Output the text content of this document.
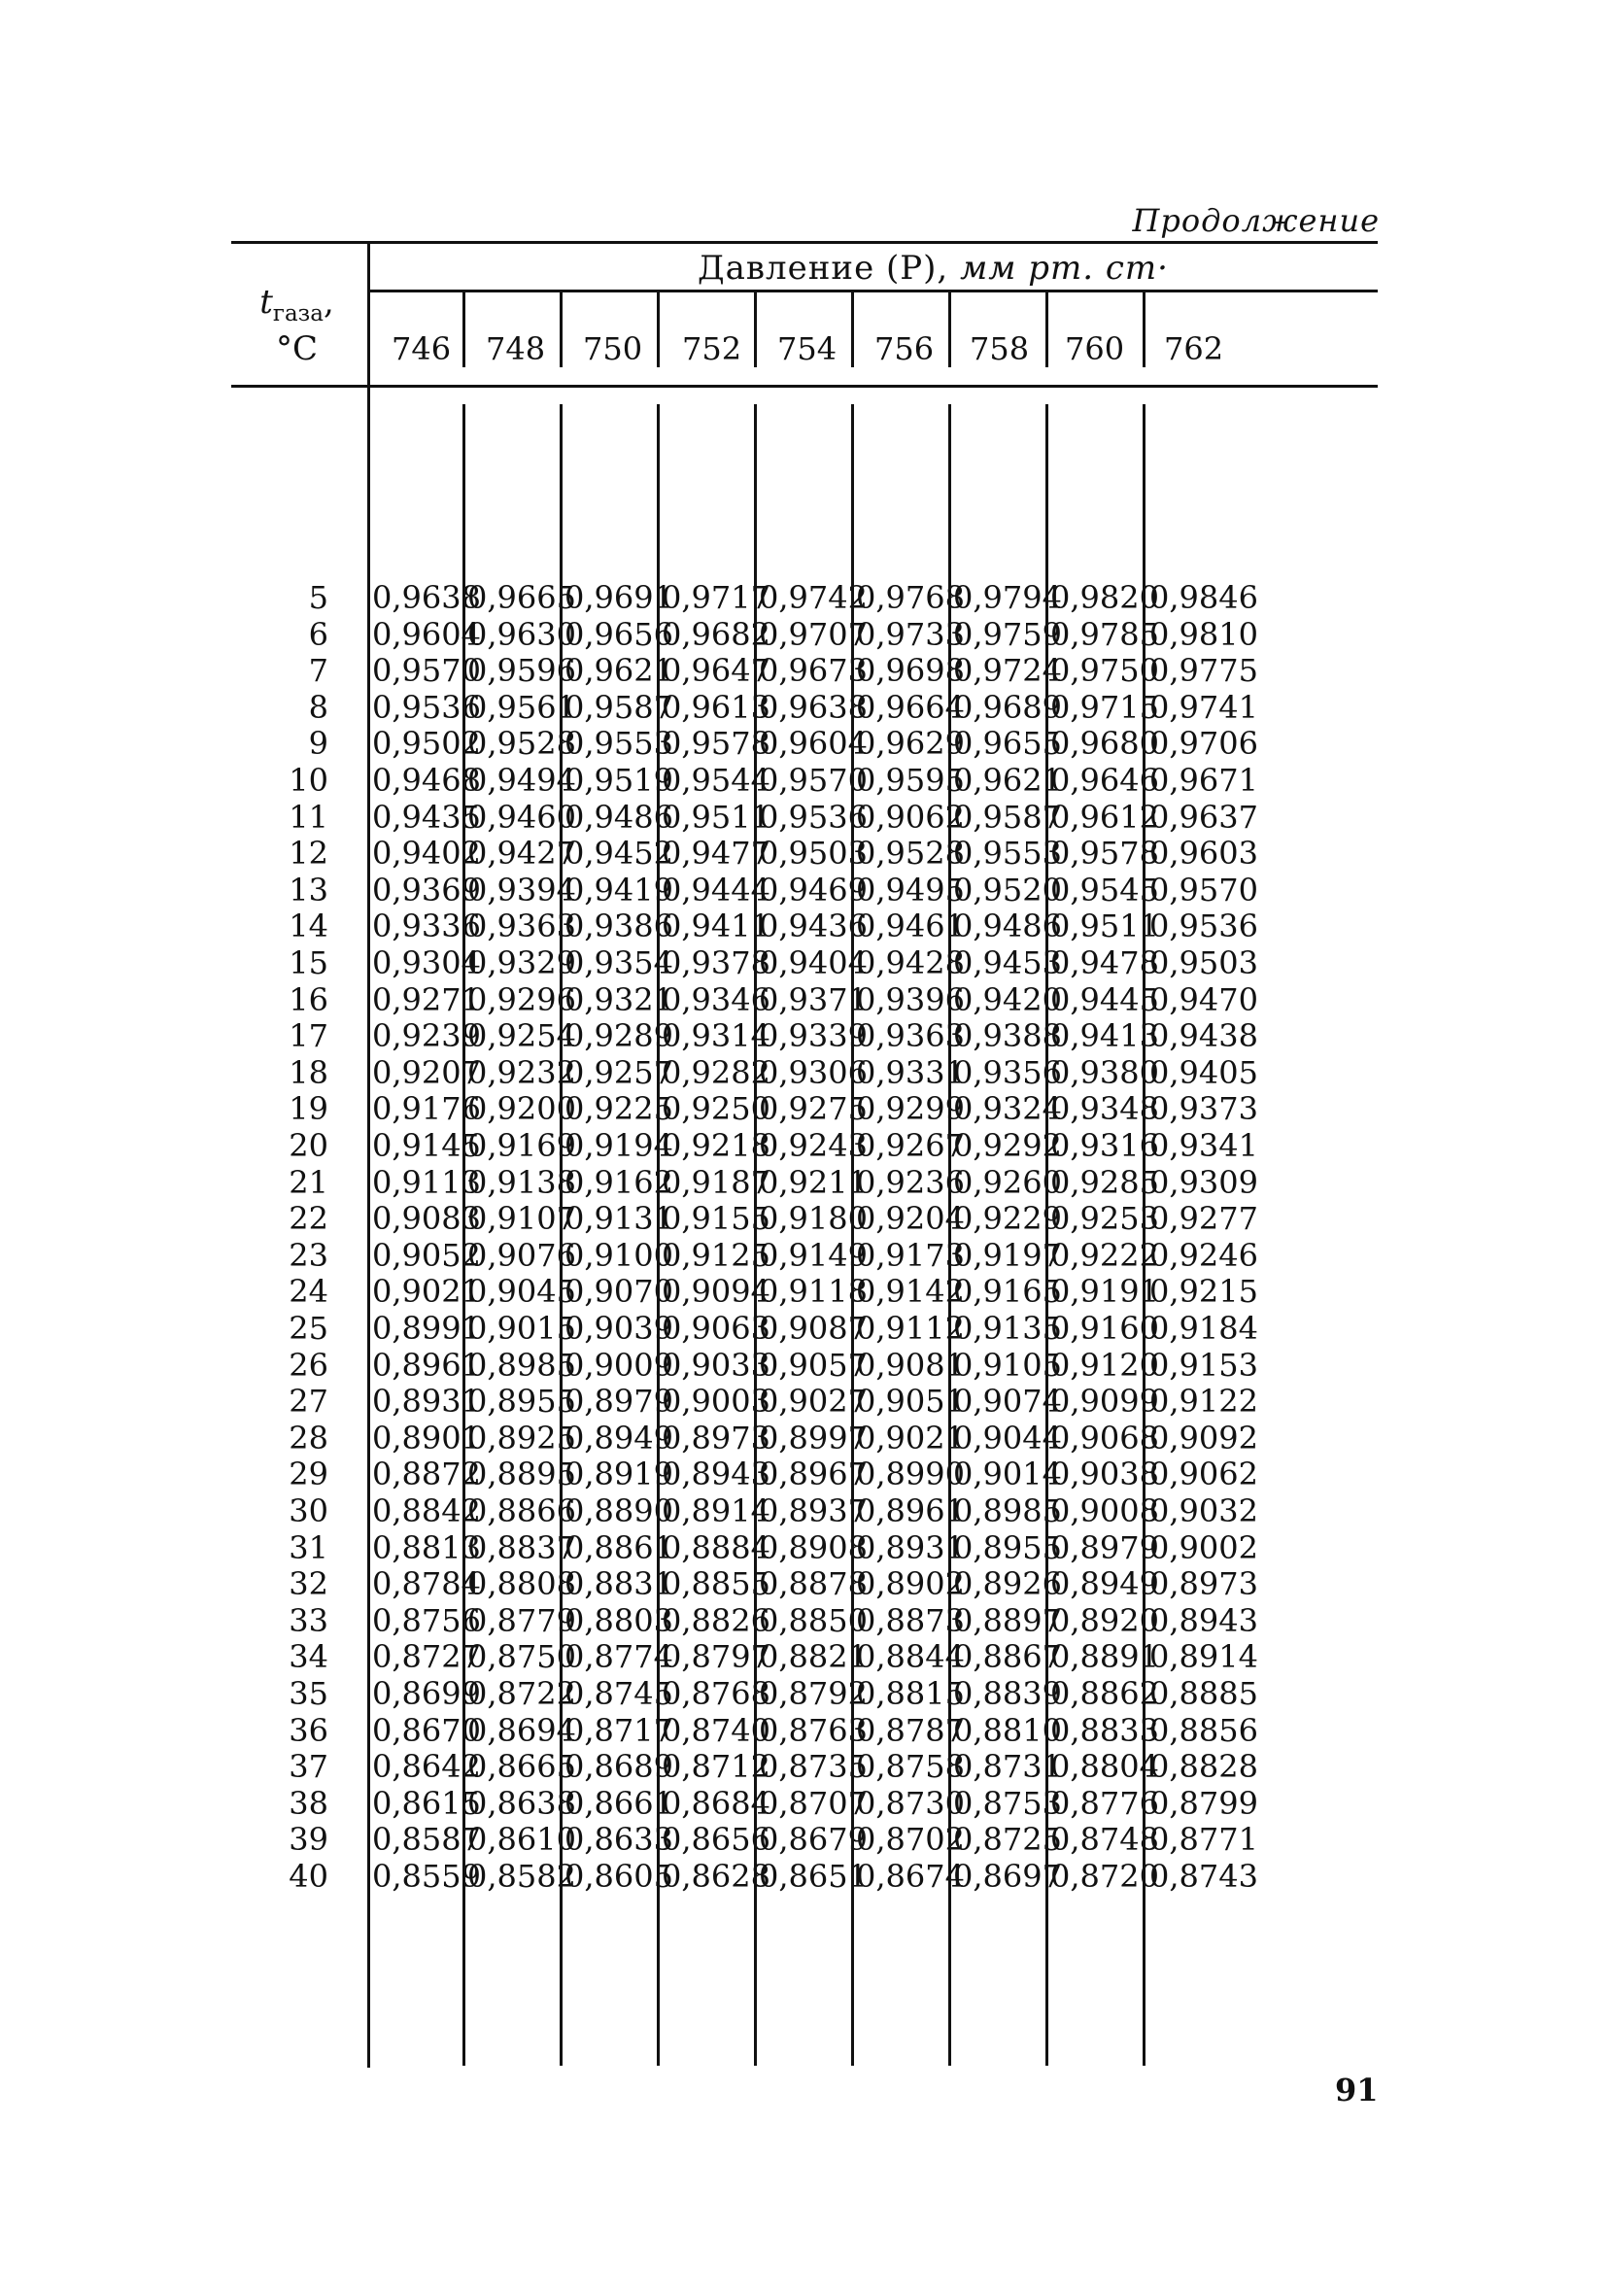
Продолжение
$t_{газа}$,
°C
Давление (P), мм рт. ст·
746 748 750 752 754 756 758 760 762
5 0,9638
0,9665
0,9691
0,9717
0,9742
0,9768
0,9794
0,9820
0,9846
6 0,9604
0,9630
0,9656
0,9682
0,9707
0,9733
0,9759
0,9785
0,9810
7 0,9570
0,9596
0,9621
0,9647
0,9673
0,9698
0,9724
0,9750
0,9775
8 0,9536
0,9561
0,9587
0,9613
0,9638
0,9664
0,9689
0,9715
0,9741
9 0,9502
0,9528
0,9553
0,9578
0,9604
0,9629
0,9655
0,9680
0,9706
10 0,9468
0,9494
0,9519
0,9544
0,9570
0,9595
0,9621
0,9646
0,9671
11 0,9435
0,9460
0,9486
0,9511
0,9536
0,9062
0,9587
0,9612
0,9637
12 0,9402
0,9427
0,9452
0,9477
0,9503
0,9528
0,9553
0,9578
0,9603
13 0,9369
0,9394
0,9419
0,9444
0,9469
0,9495
0,9520
0,9545
0,9570
14 0,9336
0,9363
0,9386
0,9411
0,9436
0,9461
0,9486
0,9511
0,9536
15 0,9304
0,9329
0,9354
0,9378
0,9404
0,9428
0,9453
0,9478
0,9503
16 0,9271
0,9296
0,9321
0,9346
0,9371
0,9396
0,9420
0,9445
0,9470
17 0,9239
0,9254
0,9289
0,9314
0,9339
0,9363
0,9388
0,9413
0,9438
18 0,9207
0,9232
0,9257
0,9282
0,9306
0,9331
0,9356
0,9380
0,9405
19 0,9176
0,9200
0,9225
0,9250
0,9275
0,9299
0,9324
0,9348
0,9373
20 0,9145
0,9169
0,9194
0,9218
0,9243
0,9267
0,9292
0,9316
0,9341
21 0,9113
0,9138
0,9162
0,9187
0,9211
0,9236
0,9260
0,9285
0,9309
22 0,9083
0,9107
0,9131
0,9155
0,9180
0,9204
0,9229
0,9253
0,9277
23 0,9052
0,9076
0,9100
0,9125
0,9149
0,9173
0,9197
0,9222
0,9246
24 0,9021
0,9045
0,9070
0,9094
0,9118
0,9142
0,9165
0,9191
0,9215
25 0,8991
0,9015
0,9039
0,9063
0,9087
0,9112
0,9135
0,9160
0,9184
26 0,8961
0,8985
0,9009
0,9033
0,9057
0,9081
0,9105
0,9120
0,9153
27 0,8931
0,8955
0,8979
0,9003
0,9027
0,9051
0,9074
0,9099
0,9122
28 0,8901
0,8925
0,8949
0,8973
0,8997
0,9021
0,9044
0,9068
0,9092
29 0,8872
0,8895
0,8919
0,8943
0,8967
0,8990
0,9014
0,9038
0,9062
30 0,8842
0,8866
0,8890
0,8914
0,8937
0,8961
0,8985
0,9008
0,9032
31 0,8813
0,8837
0,8861
0,8884
0,8908
0,8931
0,8955
0,8979
0,9002
32 0,8784
0,8808
0,8831
0,8855
0,8878
0,8902
0,8926
0,8949
0,8973
33 0,8756
0,8779
0,8803
0,8826
0,8850
0,8873
0,8897
0,8920
0,8943
34 0,8727
0,8750
0,8774
0,8797
0,8821
0,8844
0,8867
0,8891
0,8914
35 0,8699
0,8722
0,8745
0,8768
0,8792
0,8815
0,8839
0,8862
0,8885
36 0,8670
0,8694
0,8717
0,8740
0,8763
0,8787
0,8810
0,8833
0,8856
37 0,8642
0,8665
0,8689
0,8712
0,8735
0,8758
0,8731
0,8804
0,8828
38 0,8615
0,8638
0,8661
0,8684
0,8707
0,8730
0,8753
0,8776
0,8799
39 0,8587
0,8610
0,8633
0,8656
0,8679
0,8702
0,8725
0,8748
0,8771
40 0,8559
0,8582
0,8605
0,8628
0,8651
0,8674
0,8697
0,8720
0,8743
91
